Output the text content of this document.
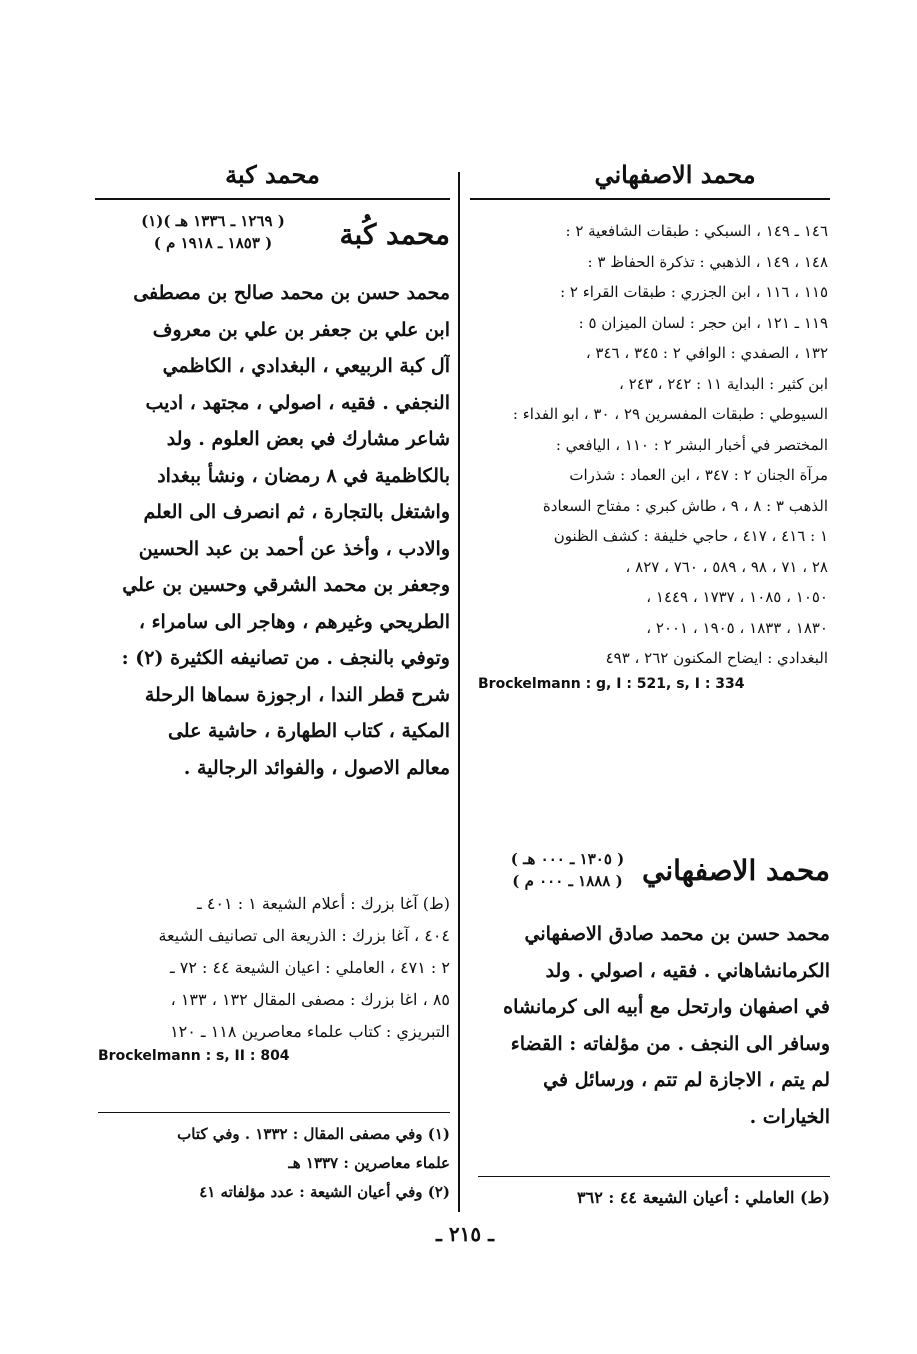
محمد الاصفهاني
محمد كبة
١٤٦ ـ ١٤٩ ، السبكي : طبقات الشافعية ٢ :
١٤٨ ، ١٤٩ ، الذهبي : تذكرة الحفاظ ٣ :
١١٥ ، ١١٦ ، ابن الجزري : طبقات القراء ٢ :
١١٩ ـ ١٢١ ، ابن حجر : لسان الميزان ٥ :
١٣٢ ، الصفدي : الوافي ٢ : ٣٤٥ ، ٣٤٦ ،
ابن كثير : البداية ١١ : ٢٤٢ ، ٢٤٣ ،
السيوطي : طبقات المفسرين ٢٩ ، ٣٠ ، ابو الفداء :
المختصر في أخبار البشر ٢ : ١١٠ ، اليافعي :
مرآة الجنان ٢ : ٣٤٧ ، ابن العماد : شذرات
الذهب ٣ : ٨ ، ٩ ، طاش كبري : مفتاح السعادة
١ : ٤١٦ ، ٤١٧ ، حاجي خليفة : كشف الظنون
٢٨ ، ٧١ ، ٩٨ ، ٥٨٩ ، ٧٦٠ ، ٨٢٧ ،
١٠٥٠ ، ١٠٨٥ ، ١٧٣٧ ، ١٤٤٩ ،
١٨٣٠ ، ١٨٣٣ ، ١٩٠٥ ، ٢٠٠١ ،
البغدادي : ايضاح المكنون ٢٦٢ ، ٤٩٣
Brockelmann : g, I : 521, s, I : 334
محمد الاصفهاني
( ١٣٠٥ ـ ٠٠٠ هـ )
( ١٨٨٨ ـ ٠٠٠ م )
محمد حسن بن محمد صادق الاصفهاني
الكرمانشاهاني . فقيه ، اصولي . ولد
في اصفهان وارتحل مع أبيه الى كرمانشاه
وسافر الى النجف . من مؤلفاته : القضاء
لم يتم ، الاجازة لم تتم ، ورسائل في
الخيارات .
(ط) العاملي : أعيان الشيعة ٤٤ : ٣٦٢
محمد كُبة
( ١٢٦٩ ـ ١٣٣٦ هـ )(١)
( ١٨٥٣ ـ ١٩١٨ م )
محمد حسن بن محمد صالح بن مصطفى
ابن علي بن جعفر بن علي بن معروف
آل كبة الربيعي ، البغدادي ، الكاظمي
النجفي . فقيه ، اصولي ، مجتهد ، اديب
شاعر مشارك في بعض العلوم . ولد
بالكاظمية في ٨ رمضان ، ونشأ ببغداد
واشتغل بالتجارة ، ثم انصرف الى العلم
والادب ، وأخذ عن أحمد بن عبد الحسين
وجعفر بن محمد الشرقي وحسين بن علي
الطريحي وغيرهم ، وهاجر الى سامراء ،
وتوفي بالنجف . من تصانيفه الكثيرة (٢) :
شرح قطر الندا ، ارجوزة سماها الرحلة
المكية ، كتاب الطهارة ، حاشية على
معالم الاصول ، والفوائد الرجالية .
(ط) آغا بزرك : أعلام الشيعة ١ : ٤٠١ ـ
٤٠٤ ، آغا بزرك : الذريعة الى تصانيف الشيعة
٢ : ٤٧١ ، العاملي : اعيان الشيعة ٤٤ : ٧٢ ـ
٨٥ ، اغا بزرك : مصفى المقال ١٣٢ ، ١٣٣ ،
التبريزي : كتاب علماء معاصرين ١١٨ ـ ١٢٠
Brockelmann : s, II : 804
(١) وفي مصفى المقال : ١٣٣٢ . وفي كتاب
علماء معاصرين : ١٣٣٧ هـ
(٢) وفي أعيان الشيعة : عدد مؤلفاته ٤١
ـ ٢١٥ ـ
